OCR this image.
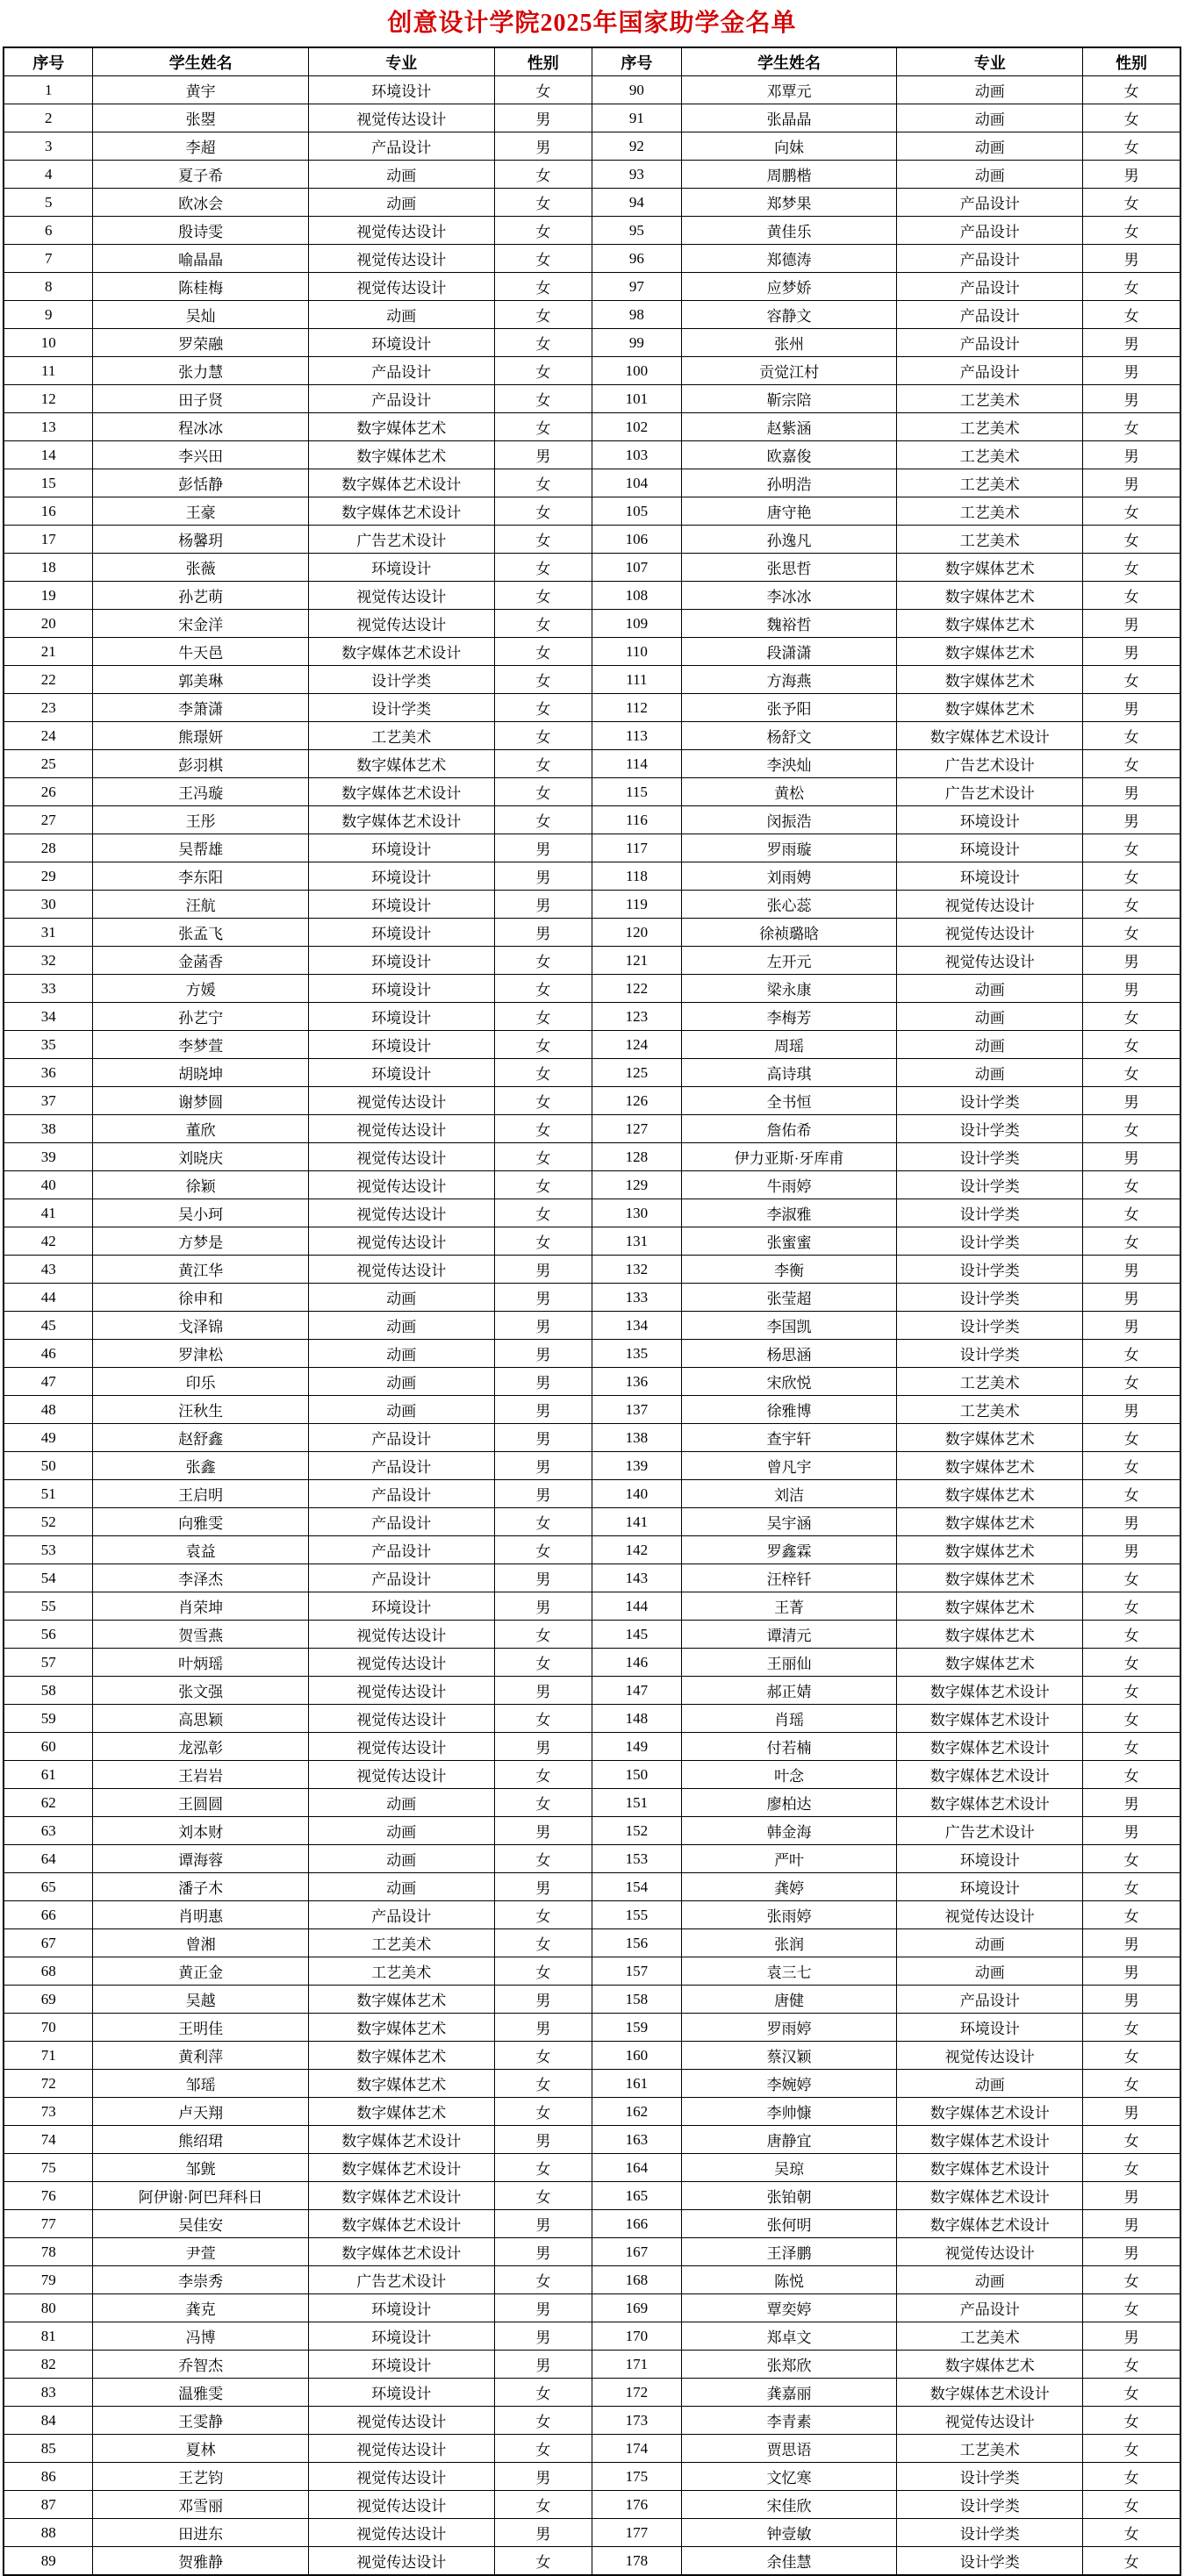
创意设计学院2025年国家助学金名单
序号	学生姓名	专业	性别	序号	学生姓名	专业	性别
1	黄宇	环境设计	女	90	邓覃元	动画	女
2	张曌	视觉传达设计	男	91	张晶晶	动画	女
3	李超	产品设计	男	92	向妹	动画	女
4	夏子希	动画	女	93	周鹏楷	动画	男
5	欧冰会	动画	女	94	郑梦果	产品设计	女
6	殷诗雯	视觉传达设计	女	95	黄佳乐	产品设计	女
7	喻晶晶	视觉传达设计	女	96	郑德涛	产品设计	男
8	陈桂梅	视觉传达设计	女	97	应梦娇	产品设计	女
9	吴灿	动画	女	98	容静文	产品设计	女
10	罗荣融	环境设计	女	99	张州	产品设计	男
11	张力慧	产品设计	女	100	贡觉江村	产品设计	男
12	田子贤	产品设计	女	101	靳宗陪	工艺美术	男
13	程冰冰	数字媒体艺术	女	102	赵紫涵	工艺美术	女
14	李兴田	数字媒体艺术	男	103	欧嘉俊	工艺美术	男
15	彭恬静	数字媒体艺术设计	女	104	孙明浩	工艺美术	男
16	王豪	数字媒体艺术设计	女	105	唐守艳	工艺美术	女
17	杨馨玥	广告艺术设计	女	106	孙逸凡	工艺美术	女
18	张薇	环境设计	女	107	张思哲	数字媒体艺术	女
19	孙艺萌	视觉传达设计	女	108	李冰冰	数字媒体艺术	女
20	宋金洋	视觉传达设计	女	109	魏裕哲	数字媒体艺术	男
21	牛天邑	数字媒体艺术设计	女	110	段潇潇	数字媒体艺术	男
22	郭美琳	设计学类	女	111	方海燕	数字媒体艺术	女
23	李箫潇	设计学类	女	112	张予阳	数字媒体艺术	男
24	熊璟妍	工艺美术	女	113	杨舒文	数字媒体艺术设计	女
25	彭羽棋	数字媒体艺术	女	114	李泱灿	广告艺术设计	女
26	王冯璇	数字媒体艺术设计	女	115	黄松	广告艺术设计	男
27	王彤	数字媒体艺术设计	女	116	闵振浩	环境设计	男
28	吴帮雄	环境设计	男	117	罗雨璇	环境设计	女
29	李东阳	环境设计	男	118	刘雨娉	环境设计	女
30	汪航	环境设计	男	119	张心蕊	视觉传达设计	女
31	张孟飞	环境设计	男	120	徐祯璐晗	视觉传达设计	女
32	金菡香	环境设计	女	121	左开元	视觉传达设计	男
33	方媛	环境设计	女	122	梁永康	动画	男
34	孙艺宁	环境设计	女	123	李梅芳	动画	女
35	李梦萱	环境设计	女	124	周瑶	动画	女
36	胡晓坤	环境设计	女	125	高诗琪	动画	女
37	谢梦圆	视觉传达设计	女	126	全书恒	设计学类	男
38	董欣	视觉传达设计	女	127	詹佑希	设计学类	女
39	刘晓庆	视觉传达设计	女	128	伊力亚斯·牙库甫	设计学类	男
40	徐颖	视觉传达设计	女	129	牛雨婷	设计学类	女
41	吴小珂	视觉传达设计	女	130	李淑雅	设计学类	女
42	方梦是	视觉传达设计	女	131	张蜜蜜	设计学类	女
43	黄江华	视觉传达设计	男	132	李衡	设计学类	男
44	徐申和	动画	男	133	张莹超	设计学类	男
45	戈泽锦	动画	男	134	李国凯	设计学类	男
46	罗津松	动画	男	135	杨思涵	设计学类	女
47	印乐	动画	男	136	宋欣悦	工艺美术	女
48	汪秋生	动画	男	137	徐雅博	工艺美术	男
49	赵舒鑫	产品设计	男	138	查宇轩	数字媒体艺术	女
50	张鑫	产品设计	男	139	曾凡宇	数字媒体艺术	女
51	王启明	产品设计	男	140	刘洁	数字媒体艺术	女
52	向雅雯	产品设计	女	141	吴宇涵	数字媒体艺术	男
53	袁益	产品设计	女	142	罗鑫霖	数字媒体艺术	男
54	李泽杰	产品设计	男	143	汪梓钎	数字媒体艺术	女
55	肖荣坤	环境设计	男	144	王菁	数字媒体艺术	女
56	贺雪燕	视觉传达设计	女	145	谭清元	数字媒体艺术	女
57	叶炳瑶	视觉传达设计	女	146	王丽仙	数字媒体艺术	女
58	张文强	视觉传达设计	男	147	郝正婧	数字媒体艺术设计	女
59	高思颖	视觉传达设计	女	148	肖瑶	数字媒体艺术设计	女
60	龙泓彰	视觉传达设计	男	149	付若楠	数字媒体艺术设计	女
61	王岩岩	视觉传达设计	女	150	叶念	数字媒体艺术设计	女
62	王圆圆	动画	女	151	廖柏达	数字媒体艺术设计	男
63	刘本财	动画	男	152	韩金海	广告艺术设计	男
64	谭海蓉	动画	女	153	严叶	环境设计	女
65	潘子木	动画	男	154	龚婷	环境设计	女
66	肖明惠	产品设计	女	155	张雨婷	视觉传达设计	女
67	曾湘	工艺美术	女	156	张润	动画	男
68	黄正金	工艺美术	女	157	袁三七	动画	男
69	吴越	数字媒体艺术	男	158	唐健	产品设计	男
70	王明佳	数字媒体艺术	男	159	罗雨婷	环境设计	女
71	黄利萍	数字媒体艺术	女	160	蔡汉颖	视觉传达设计	女
72	邹瑶	数字媒体艺术	女	161	李婉婷	动画	女
73	卢天翔	数字媒体艺术	女	162	李帅慷	数字媒体艺术设计	男
74	熊绍珺	数字媒体艺术设计	男	163	唐静宜	数字媒体艺术设计	女
75	邹皝	数字媒体艺术设计	女	164	吴琼	数字媒体艺术设计	女
76	阿伊谢·阿巴拜科日	数字媒体艺术设计	女	165	张铂朝	数字媒体艺术设计	男
77	吴佳安	数字媒体艺术设计	男	166	张何明	数字媒体艺术设计	男
78	尹萱	数字媒体艺术设计	男	167	王泽鹏	视觉传达设计	男
79	李崇秀	广告艺术设计	女	168	陈悦	动画	女
80	龚克	环境设计	男	169	覃奕婷	产品设计	女
81	冯博	环境设计	男	170	郑卓文	工艺美术	男
82	乔智杰	环境设计	男	171	张郑欣	数字媒体艺术	女
83	温雅雯	环境设计	女	172	龚嘉丽	数字媒体艺术设计	女
84	王雯静	视觉传达设计	女	173	李青素	视觉传达设计	女
85	夏林	视觉传达设计	女	174	贾思语	工艺美术	女
86	王艺钧	视觉传达设计	男	175	文忆寒	设计学类	女
87	邓雪丽	视觉传达设计	女	176	宋佳欣	设计学类	女
88	田进东	视觉传达设计	男	177	钟壹敏	设计学类	女
89	贺雅静	视觉传达设计	女	178	余佳慧	设计学类	女
